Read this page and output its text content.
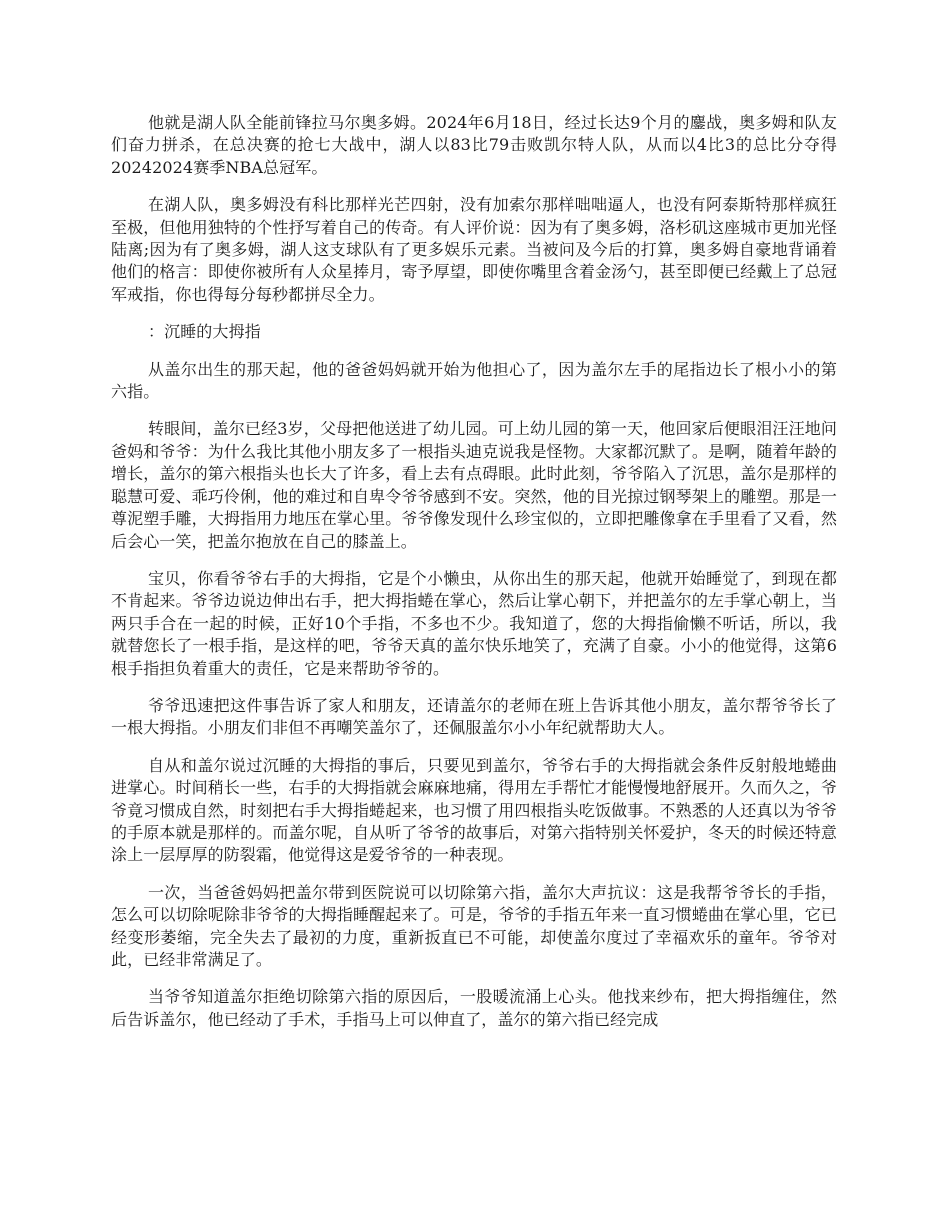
他就是湖人队全能前锋拉马尔奥多姆。2024年6月18日，经过长达9个月的鏖战，奥多姆和队友们奋力拼杀，在总决赛的抢七大战中，湖人以83比79击败凯尔特人队，从而以4比3的总比分夺得20242024赛季NBA总冠军。

在湖人队，奥多姆没有科比那样光芒四射，没有加索尔那样咄咄逼人，也没有阿泰斯特那样疯狂至极，但他用独特的个性抒写着自己的传奇。有人评价说：因为有了奥多姆，洛杉矶这座城市更加光怪陆离;因为有了奥多姆，湖人这支球队有了更多娱乐元素。当被问及今后的打算，奥多姆自豪地背诵着他们的格言：即使你被所有人众星捧月，寄予厚望，即使你嘴里含着金汤勺，甚至即便已经戴上了总冠军戒指，你也得每分每秒都拼尽全力。

：沉睡的大拇指

从盖尔出生的那天起，他的爸爸妈妈就开始为他担心了，因为盖尔左手的尾指边长了根小小的第六指。

转眼间，盖尔已经3岁，父母把他送进了幼儿园。可上幼儿园的第一天，他回家后便眼泪汪汪地问爸妈和爷爷：为什么我比其他小朋友多了一根指头迪克说我是怪物。大家都沉默了。是啊，随着年龄的增长，盖尔的第六根指头也长大了许多，看上去有点碍眼。此时此刻，爷爷陷入了沉思，盖尔是那样的聪慧可爱、乖巧伶俐，他的难过和自卑令爷爷感到不安。突然，他的目光掠过钢琴架上的雕塑。那是一尊泥塑手雕，大拇指用力地压在掌心里。爷爷像发现什么珍宝似的，立即把雕像拿在手里看了又看，然后会心一笑，把盖尔抱放在自己的膝盖上。

宝贝，你看爷爷右手的大拇指，它是个小懒虫，从你出生的那天起，他就开始睡觉了，到现在都不肯起来。爷爷边说边伸出右手，把大拇指蜷在掌心，然后让掌心朝下，并把盖尔的左手掌心朝上，当两只手合在一起的时候，正好10个手指，不多也不少。我知道了，您的大拇指偷懒不听话，所以，我就替您长了一根手指，是这样的吧，爷爷天真的盖尔快乐地笑了，充满了自豪。小小的他觉得，这第6根手指担负着重大的责任，它是来帮助爷爷的。

爷爷迅速把这件事告诉了家人和朋友，还请盖尔的老师在班上告诉其他小朋友，盖尔帮爷爷长了一根大拇指。小朋友们非但不再嘲笑盖尔了，还佩服盖尔小小年纪就帮助大人。

自从和盖尔说过沉睡的大拇指的事后，只要见到盖尔，爷爷右手的大拇指就会条件反射般地蜷曲进掌心。时间稍长一些，右手的大拇指就会麻麻地痛，得用左手帮忙才能慢慢地舒展开。久而久之，爷爷竟习惯成自然，时刻把右手大拇指蜷起来，也习惯了用四根指头吃饭做事。不熟悉的人还真以为爷爷的手原本就是那样的。而盖尔呢，自从听了爷爷的故事后，对第六指特别关怀爱护，冬天的时候还特意涂上一层厚厚的防裂霜，他觉得这是爱爷爷的一种表现。

一次，当爸爸妈妈把盖尔带到医院说可以切除第六指，盖尔大声抗议：这是我帮爷爷长的手指，怎么可以切除呢除非爷爷的大拇指睡醒起来了。可是，爷爷的手指五年来一直习惯蜷曲在掌心里，它已经变形萎缩，完全失去了最初的力度，重新扳直已不可能，却使盖尔度过了幸福欢乐的童年。爷爷对此，已经非常满足了。

当爷爷知道盖尔拒绝切除第六指的原因后，一股暖流涌上心头。他找来纱布，把大拇指缠住，然后告诉盖尔，他已经动了手术，手指马上可以伸直了，盖尔的第六指已经完成
